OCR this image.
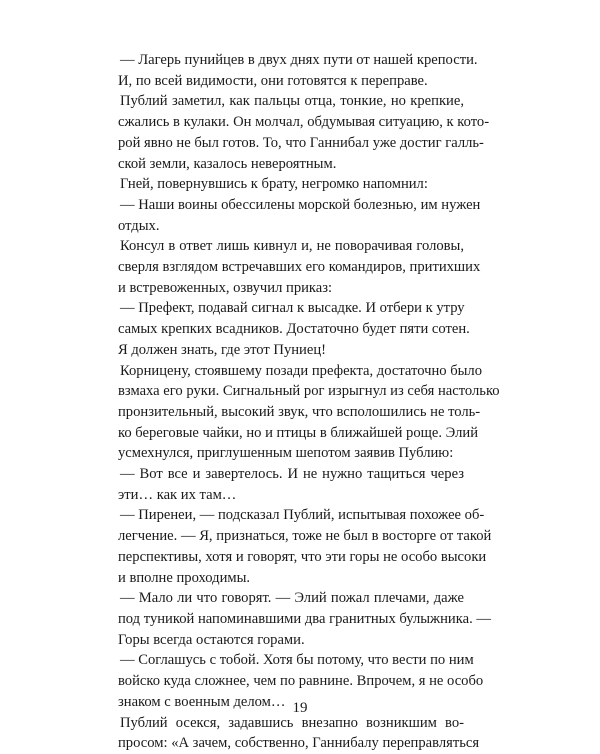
— Лагерь пунийцев в двух днях пути от нашей крепости.
И, по всей видимости, они готовятся к переправе.
Публий заметил, как пальцы отца, тонкие, но крепкие,
сжались в кулаки. Он молчал, обдумывая ситуацию, к кото-
рой явно не был готов. То, что Ганнибал уже достиг галль-
ской земли, казалось невероятным.
Гней, повернувшись к брату, негромко напомнил:
— Наши воины обессилены морской болезнью, им нужен
отдых.
Консул в ответ лишь кивнул и, не поворачивая головы,
сверля взглядом встречавших его командиров, притихших
и встревоженных, озвучил приказ:
— Префект, подавай сигнал к высадке. И отбери к утру
самых крепких всадников. Достаточно будет пяти сотен.
Я должен знать, где этот Пуниец!
Корницену, стоявшему позади префекта, достаточно было
взмаха его руки. Сигнальный рог изрыгнул из себя настолько
пронзительный, высокий звук, что всполошились не толь-
ко береговые чайки, но и птицы в ближайшей роще. Элий
усмехнулся, приглушенным шепотом заявив Публию:
— Вот все и завертелось. И не нужно тащиться через
эти… как их там…
— Пиренеи, — подсказал Публий, испытывая похожее об-
легчение. — Я, признаться, тоже не был в восторге от такой
перспективы, хотя и говорят, что эти горы не особо высоки
и вполне проходимы.
— Мало ли что говорят. — Элий пожал плечами, даже
под туникой напоминавшими два гранитных булыжника. —
Горы всегда остаются горами.
— Соглашусь с тобой. Хотя бы потому, что вести по ним
войско куда сложнее, чем по равнине. Впрочем, я не особо
знаком с военным делом…
Публий осекся, задавшись внезапно возникшим во-
просом: «А зачем, собственно, Ганнибалу переправляться
19
